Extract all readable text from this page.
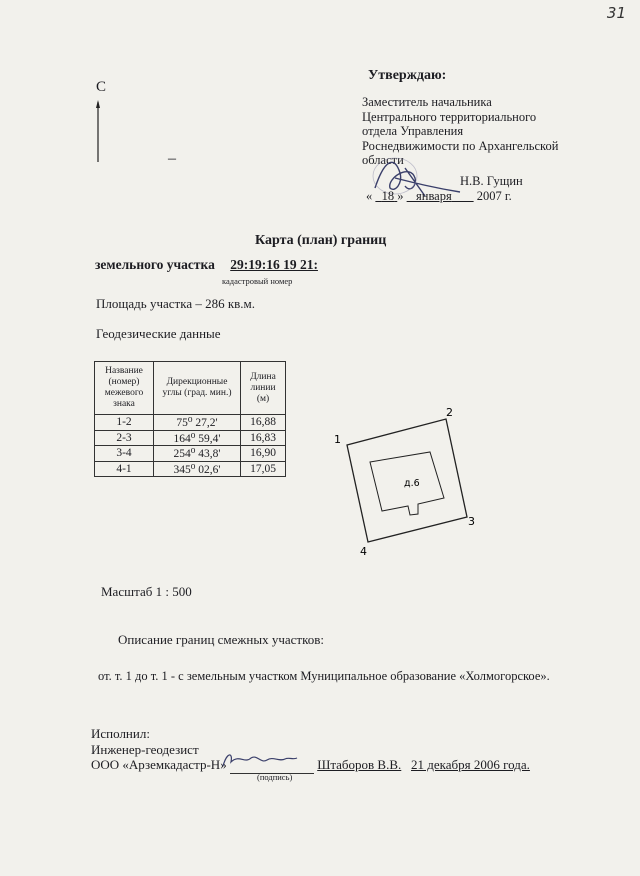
31
С
–
Утверждаю:
Заместитель начальника
Центрального территориального
отдела Управления
Роснедвижимости по Архангельской
области
Н.В. Гущин
« 18 » января 2007 г.
Карта (план) границ
земельного участка 29:19:16 19 21:
кадастровый номер
Площадь участка – 286 кв.м.
Геодезические данные
Название (номер) межевого знака	Дирекционные углы (град. мин.)	Длина линии (м)
1-2	75⁰ 27,2'	16,88
2-3	164⁰ 59,4'	16,83
3-4	254⁰ 43,8'	16,90
4-1	345⁰ 02,6'	17,05
1
2
3
4
д.6
Масштаб 1 : 500
Описание границ смежных участков:
от. т. 1 до т. 1 - с земельным участком Муниципальное образование «Холмогорское».
Исполнил:
Инженер-геодезист
ООО «Арземкадастр-Н»	Штаборов В.В. 21 декабря 2006 года.
(подпись)
